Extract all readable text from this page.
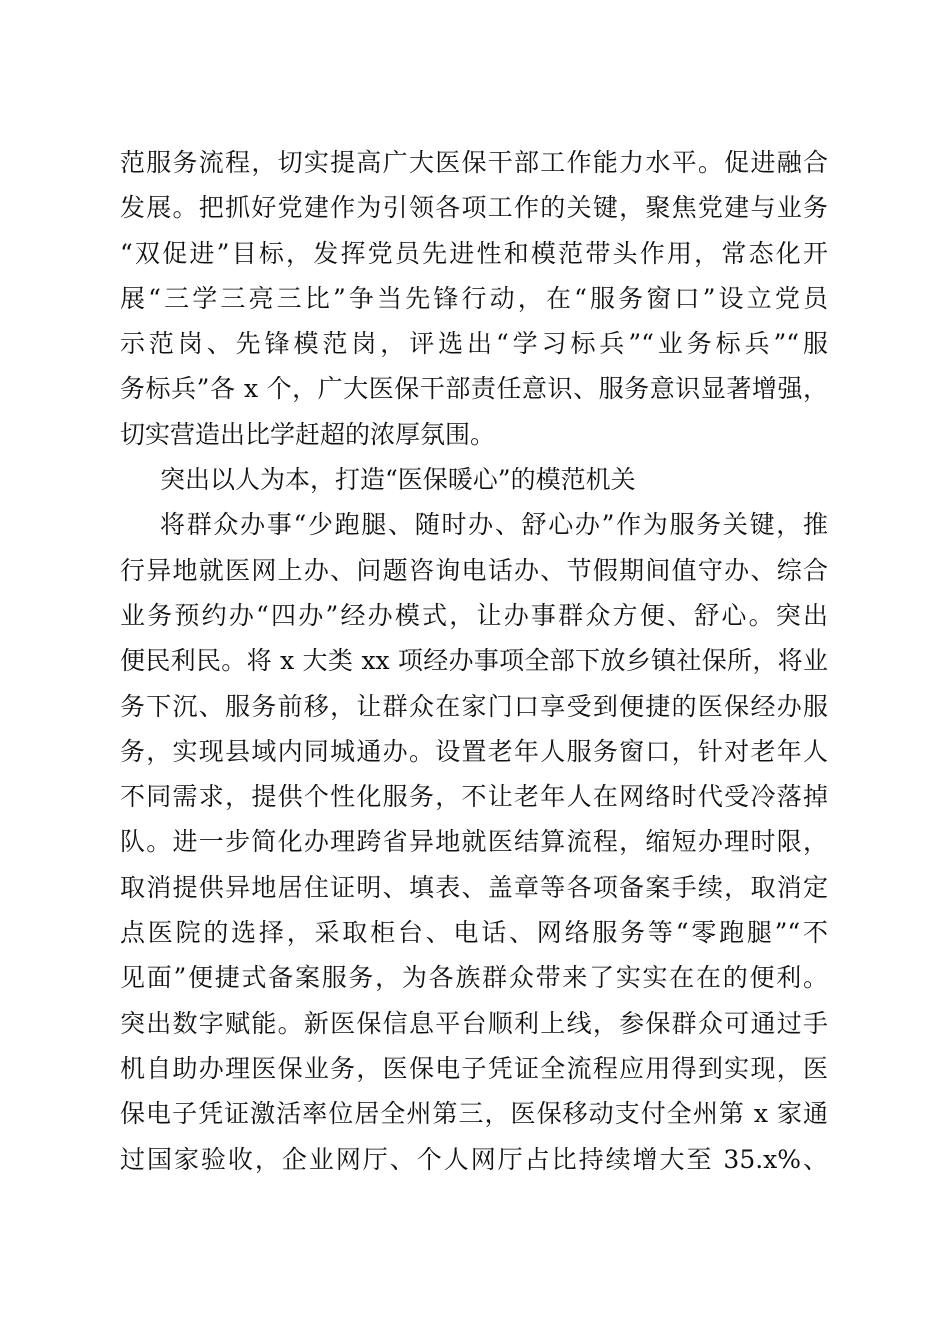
范服务流程，切实提高广大医保干部工作能力水平。促进融合
发展。把抓好党建作为引领各项工作的关键，聚焦党建与业务
“双促进”目标，发挥党员先进性和模范带头作用，常态化开
展“三学三亮三比”争当先锋行动，在“服务窗口”设立党员
示范岗、先锋模范岗，评选出“学习标兵”“业务标兵”“服
务标兵”各 x 个，广大医保干部责任意识、服务意识显著增强，
切实营造出比学赶超的浓厚氛围。
突出以人为本，打造“医保暖心”的模范机关
将群众办事“少跑腿、随时办、舒心办”作为服务关键，推
行异地就医网上办、问题咨询电话办、节假期间值守办、综合
业务预约办“四办”经办模式，让办事群众方便、舒心。突出
便民利民。将 x 大类 xx 项经办事项全部下放乡镇社保所，将业
务下沉、服务前移，让群众在家门口享受到便捷的医保经办服
务，实现县域内同城通办。设置老年人服务窗口，针对老年人
不同需求，提供个性化服务，不让老年人在网络时代受冷落掉
队。进一步简化办理跨省异地就医结算流程，缩短办理时限，
取消提供异地居住证明、填表、盖章等各项备案手续，取消定
点医院的选择，采取柜台、电话、网络服务等“零跑腿”“不
见面”便捷式备案服务，为各族群众带来了实实在在的便利。
突出数字赋能。新医保信息平台顺利上线，参保群众可通过手
机自助办理医保业务，医保电子凭证全流程应用得到实现，医
保电子凭证激活率位居全州第三，医保移动支付全州第 x 家通
过国家验收，企业网厅、个人网厅占比持续增大至 35.x%、
